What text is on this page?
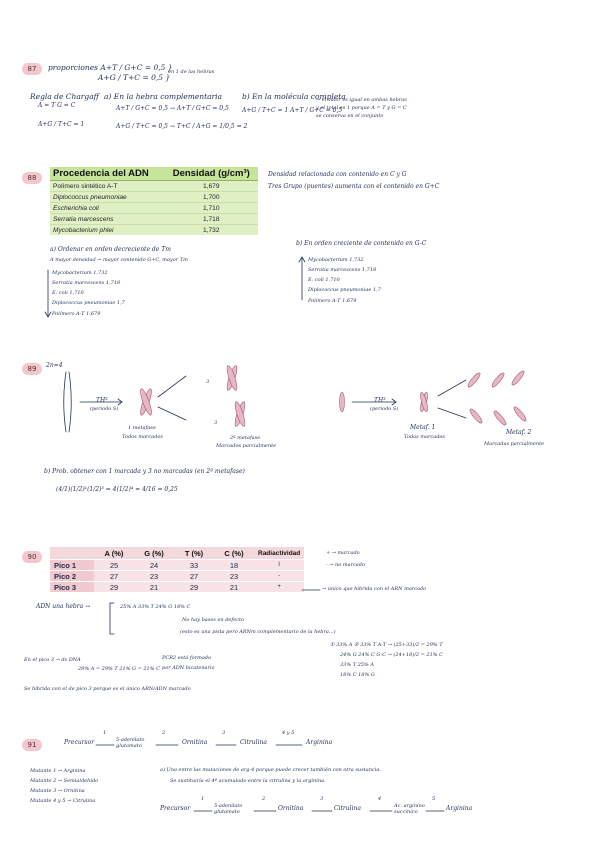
87	proporciones A+T / G+C = 0,5 }
A+G / T+C = 0,5 }
en 1 de las hebras
Regla de Chargaff
A = T G = C
A+G / T+C = 1
a) En la hebra complementaria
A+T / G+C = 0,5 → A+T / G+C = 0,5
A+G / T+C = 0,5 → T+C / A+G = 1/0,5 = 2
b) En la molécula completa
A+G / T+C = 1 A+T / G+C = 0,5
→ el valor es igual en ambas hebras
y el total es 1 porque A = T y G = C
se conserva en el conjunto
88	Procedencia del ADN	Densidad (g/cm³)
Polímero sintético A-T	1,679
Diplococcus pneumoniae	1,700
Escherichia coli	1,710
Serratia marcescens	1,718
Mycobacterium phlei	1,732
Densidad relacionada con contenido en C y G
Tres Grupo (puentes) aumenta con el contenido en G+C
a) Ordenar en orden decreciente de Tm
A mayor densidad → mayor contenido G+C, mayor Tm
Mycobacterium 1,732
Serratia marcescens 1,718
E. coli 1,710
Diplococcus pneumoniae 1,7
Polímero A-T 1,679
b) En orden creciente de contenido en G-C
Mycobacterium 1,732
Serratia marcescens 1,718
E. coli 1,710
Diplococcus pneumoniae 1,7
Polímero A-T 1,679
89	2n=4
TH³
(periodo S)
1 metafase
Todos marcados
3
3
2ª metafase
Marcados parcialmente
TH³
(periodo S)
Metaf. 1
Todas marcadas
Metaf. 2
Marcadas parcialmente
b) Prob. obtener con 1 marcada y 3 no marcadas (en 2ª metafase)
(4/1)(1/2)¹(1/2)³ = 4(1/2)⁴ = 4/16 = 0,25
90
		A (%)	G (%)	T (%)	C (%)	Radiactividad
Pico 1	25	24	33	18	I
Pico 2	27	23	27	23	-
Pico 3	29	21	29	21	+
+ → marcado
- → no marcado
→ único que hibrida con el ARN marcado
ADN una hebra →	25% A 33% T 24% G 18% C
No hay bases en defecto
(esto es una pista pero ARNm complementario de la hebra...)
En el pico 3 → ds DNA
29% A = 29% T 21% G = 21% C
PCR2 está formado
por ADN bicatenario
① 33% A ② 33% T A-T → (25+33)/2 = 29% T
24% G 24% C G-C → (24+18)/2 = 21% C
33% T 25% A
18% C 18% G
Se hibrida con el de pico 3 porque es el único ARN/ADN marcado
91	Precursor	5-adenilato glutamato	Ornitina	Citrulina	Arginina
1	2	3	4 y 5
Mutante 1 → Arginina
Mutante 2 → Semialdehído
Mutante 3 → Ornitina
Mutante 4 y 5 → Citrulina
a) Una entre las mutaciones de arg-4 porque puede crecer también con otra sustancia.
Se sustituiría el 4º acumulado entre la citrulina y la arginina.
Precursor	5-adenilato glutamato	Ornitina	Citrulina	Ac. arginino succínico	Arginina
1	2	3	4	5
